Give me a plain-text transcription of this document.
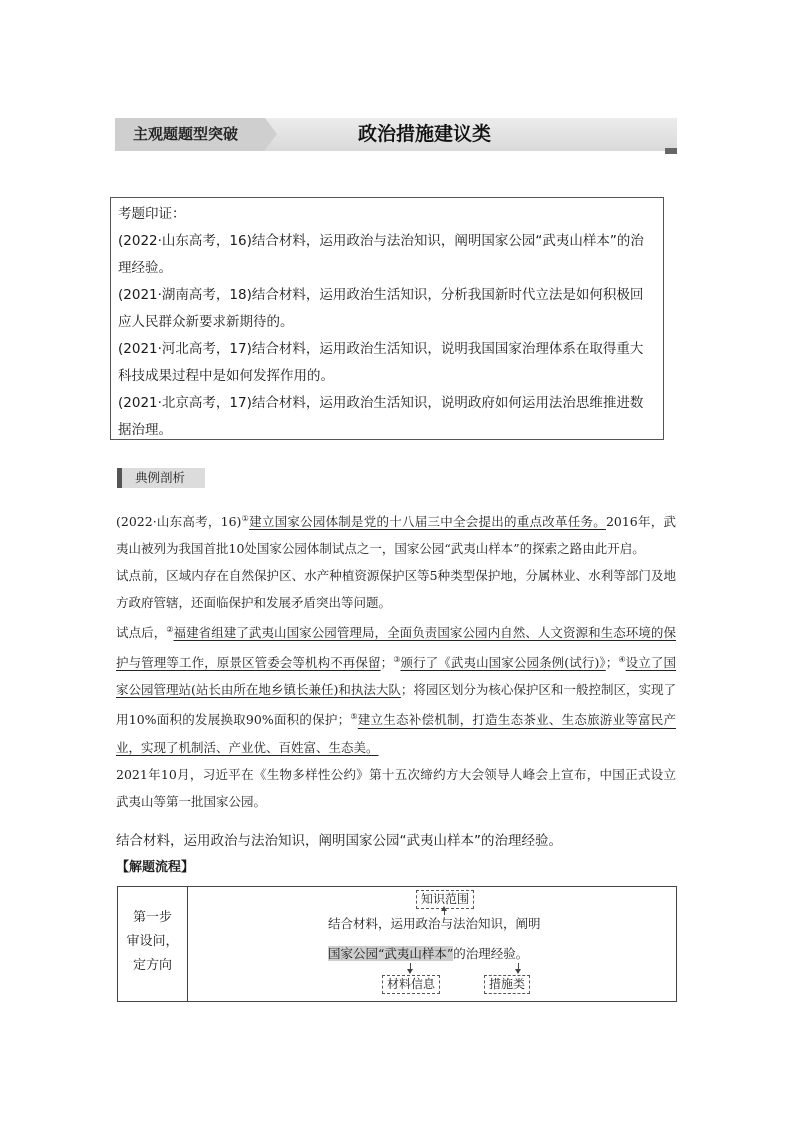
主观题题型突破	政治措施建议类

考题印证：

(2022·山东高考，16)结合材料，运用政治与法治知识，阐明国家公园“武夷山样本”的治理经验。

(2021·湖南高考，18)结合材料，运用政治生活知识，分析我国新时代立法是如何积极回应人民群众新要求新期待的。

(2021·河北高考，17)结合材料，运用政治生活知识，说明我国国家治理体系在取得重大科技成果过程中是如何发挥作用的。

(2021·北京高考，17)结合材料，运用政治生活知识，说明政府如何运用法治思维推进数据治理。

典例剖析

(2022·山东高考，16)①建立国家公园体制是党的十八届三中全会提出的重点改革任务。2016年，武夷山被列为我国首批10处国家公园体制试点之一，国家公园“武夷山样本”的探索之路由此开启。

试点前，区域内存在自然保护区、水产种植资源保护区等5种类型保护地，分属林业、水利等部门及地方政府管辖，还面临保护和发展矛盾突出等问题。

试点后，②福建省组建了武夷山国家公园管理局，全面负责国家公园内自然、人文资源和生态环境的保护与管理等工作，原景区管委会等机构不再保留；③颁行了《武夷山国家公园条例(试行)》；④设立了国家公园管理站(站长由所在地乡镇长兼任)和执法大队；将园区划分为核心保护区和一般控制区，实现了用10%面积的发展换取90%面积的保护；⑤建立生态补偿机制，打造生态茶业、生态旅游业等富民产业，实现了机制活、产业优、百姓富、生态美。

2021年10月，习近平在《生物多样性公约》第十五次缔约方大会领导人峰会上宣布，中国正式设立武夷山等第一批国家公园。

结合材料，运用政治与法治知识，阐明国家公园“武夷山样本”的治理经验。
【解题流程】
第一步
审设问，
定方向
知识范围
结合材料，运用政治与法治知识，阐明
国家公园“武夷山样本”的治理经验。
材料信息	措施类
